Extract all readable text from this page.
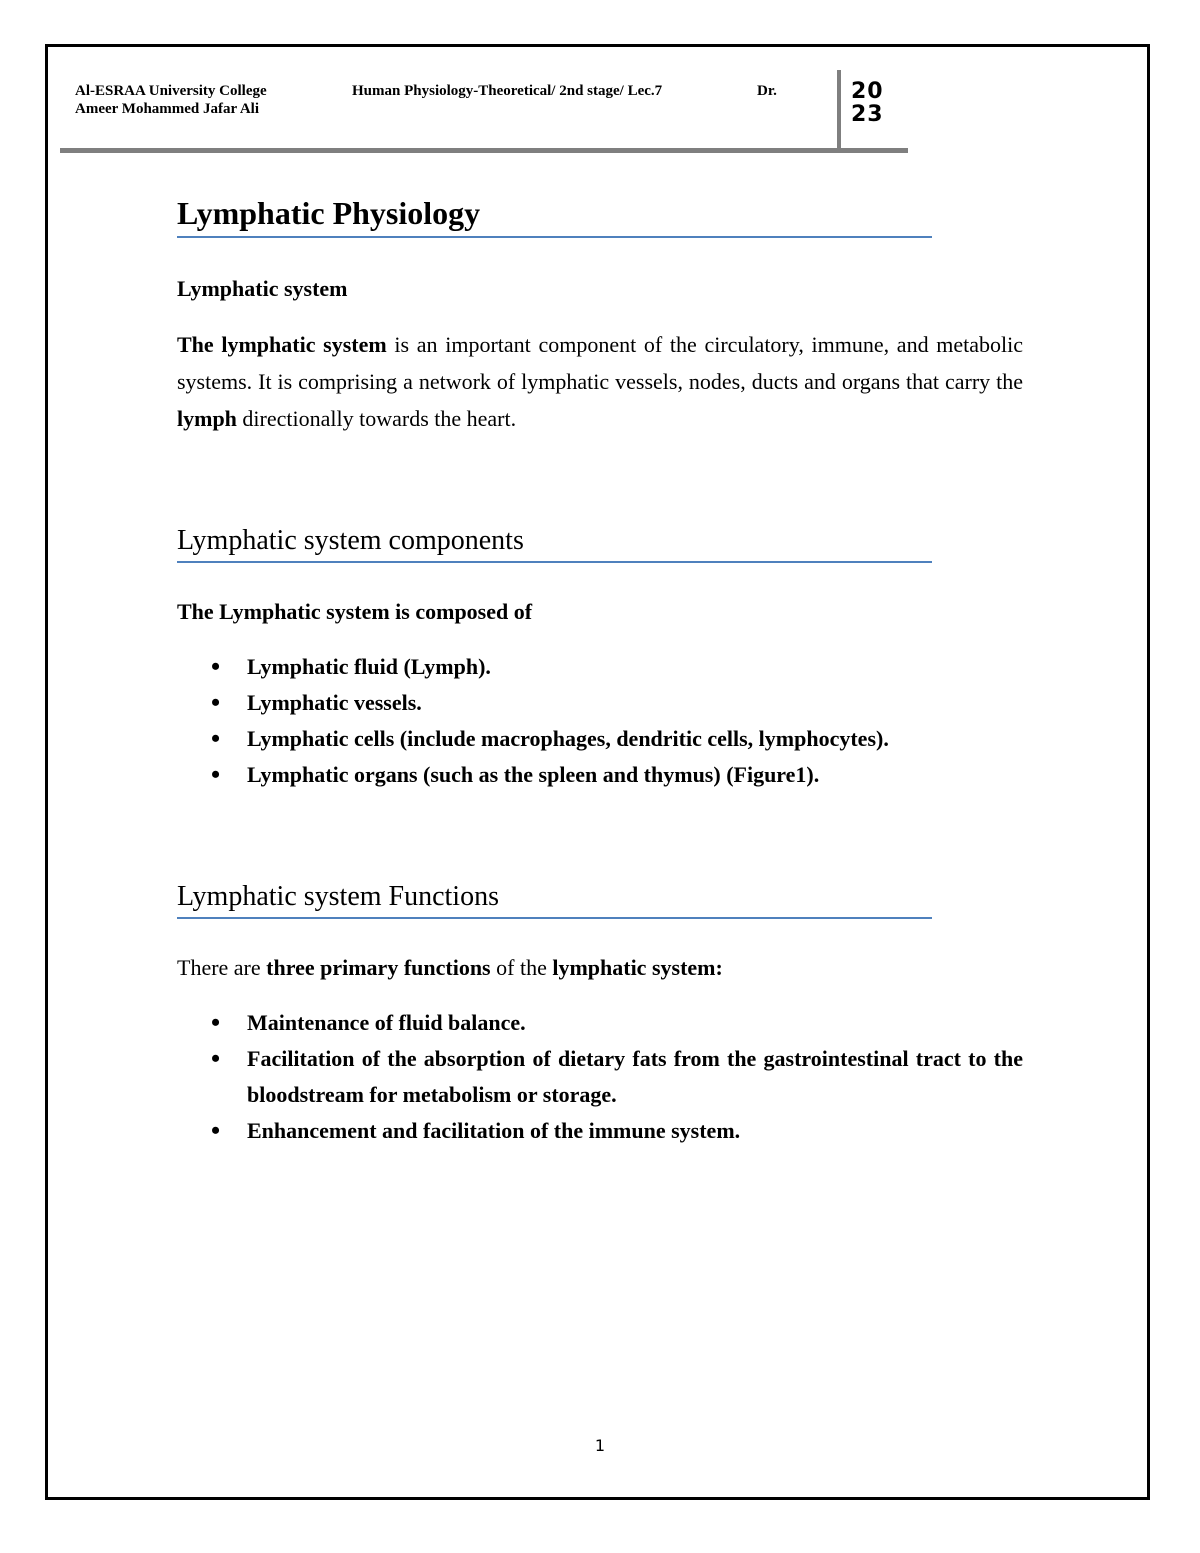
Al-ESRAA University College	Human Physiology-Theoretical/ 2nd stage/ Lec.7	Dr.
Ameer Mohammed Jafar Ali
20
23
Lymphatic Physiology
Lymphatic system

The lymphatic system is an important component of the circulatory, immune, and metabolic systems. It is comprising a network of lymphatic vessels, nodes, ducts and organs that carry the lymph directionally towards the heart.

Lymphatic system components
The Lymphatic system is composed of
• Lymphatic fluid (Lymph).
• Lymphatic vessels.
• Lymphatic cells (include macrophages, dendritic cells, lymphocytes).
• Lymphatic organs (such as the spleen and thymus) (Figure1).
Lymphatic system Functions

There are three primary functions of the lymphatic system:

• Maintenance of fluid balance.
• Facilitation of the absorption of dietary fats from the gastrointestinal tract to the bloodstream for metabolism or storage.
• Enhancement and facilitation of the immune system.
1
